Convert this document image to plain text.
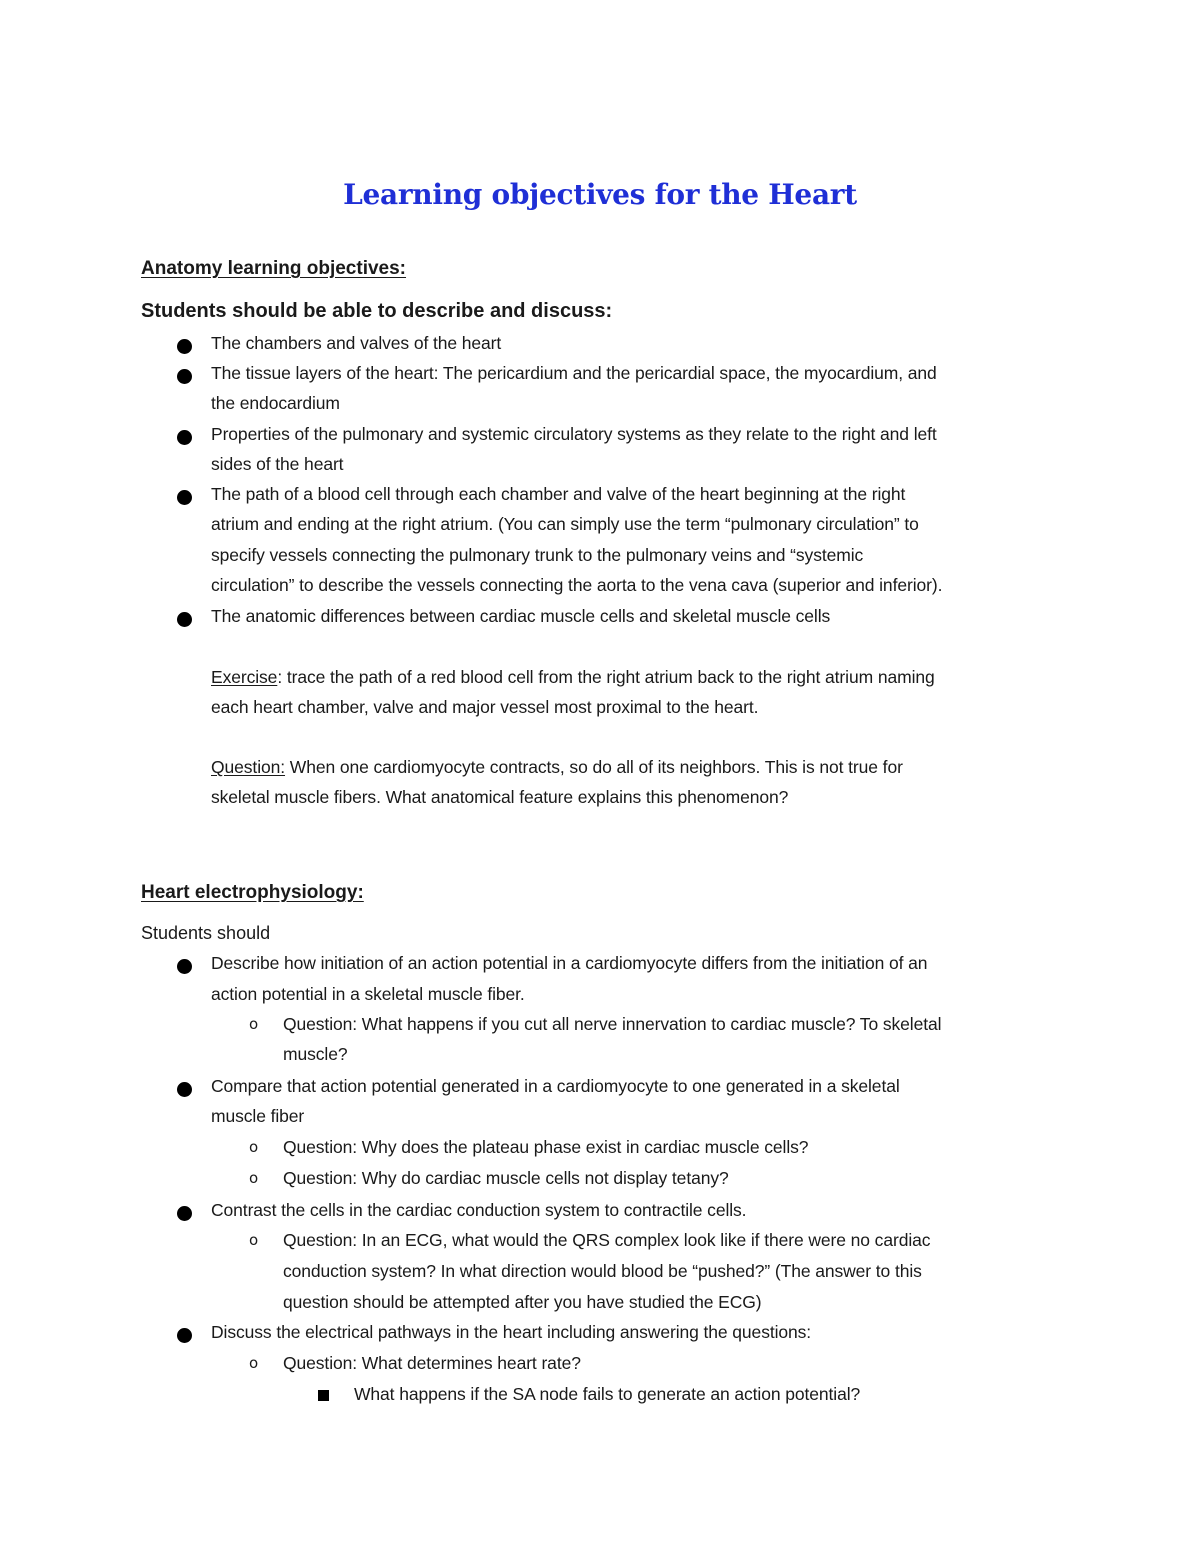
Learning objectives for the Heart
Anatomy learning objectives:
Students should be able to describe and discuss:
The chambers and valves of the heart
The tissue layers of the heart: The pericardium and the pericardial space, the myocardium, and
the endocardium
Properties of the pulmonary and systemic circulatory systems as they relate to the right and left
sides of the heart
The path of a blood cell through each chamber and valve of the heart beginning at the right
atrium and ending at the right atrium. (You can simply use the term “pulmonary circulation” to
specify vessels connecting the pulmonary trunk to the pulmonary veins and “systemic
circulation” to describe the vessels connecting the aorta to the vena cava (superior and inferior).
The anatomic differences between cardiac muscle cells and skeletal muscle cells
Exercise: trace the path of a red blood cell from the right atrium back to the right atrium naming
each heart chamber, valve and major vessel most proximal to the heart.
Question: When one cardiomyocyte contracts, so do all of its neighbors. This is not true for
skeletal muscle fibers. What anatomical feature explains this phenomenon?
Heart electrophysiology:
Students should
Describe how initiation of an action potential in a cardiomyocyte differs from the initiation of an
action potential in a skeletal muscle fiber.
o Question: What happens if you cut all nerve innervation to cardiac muscle? To skeletal
muscle?
Compare that action potential generated in a cardiomyocyte to one generated in a skeletal
muscle fiber
o Question: Why does the plateau phase exist in cardiac muscle cells?
o Question: Why do cardiac muscle cells not display tetany?
Contrast the cells in the cardiac conduction system to contractile cells.
o Question: In an ECG, what would the QRS complex look like if there were no cardiac
conduction system? In what direction would blood be “pushed?” (The answer to this
question should be attempted after you have studied the ECG)
Discuss the electrical pathways in the heart including answering the questions:
o Question: What determines heart rate?
What happens if the SA node fails to generate an action potential?
